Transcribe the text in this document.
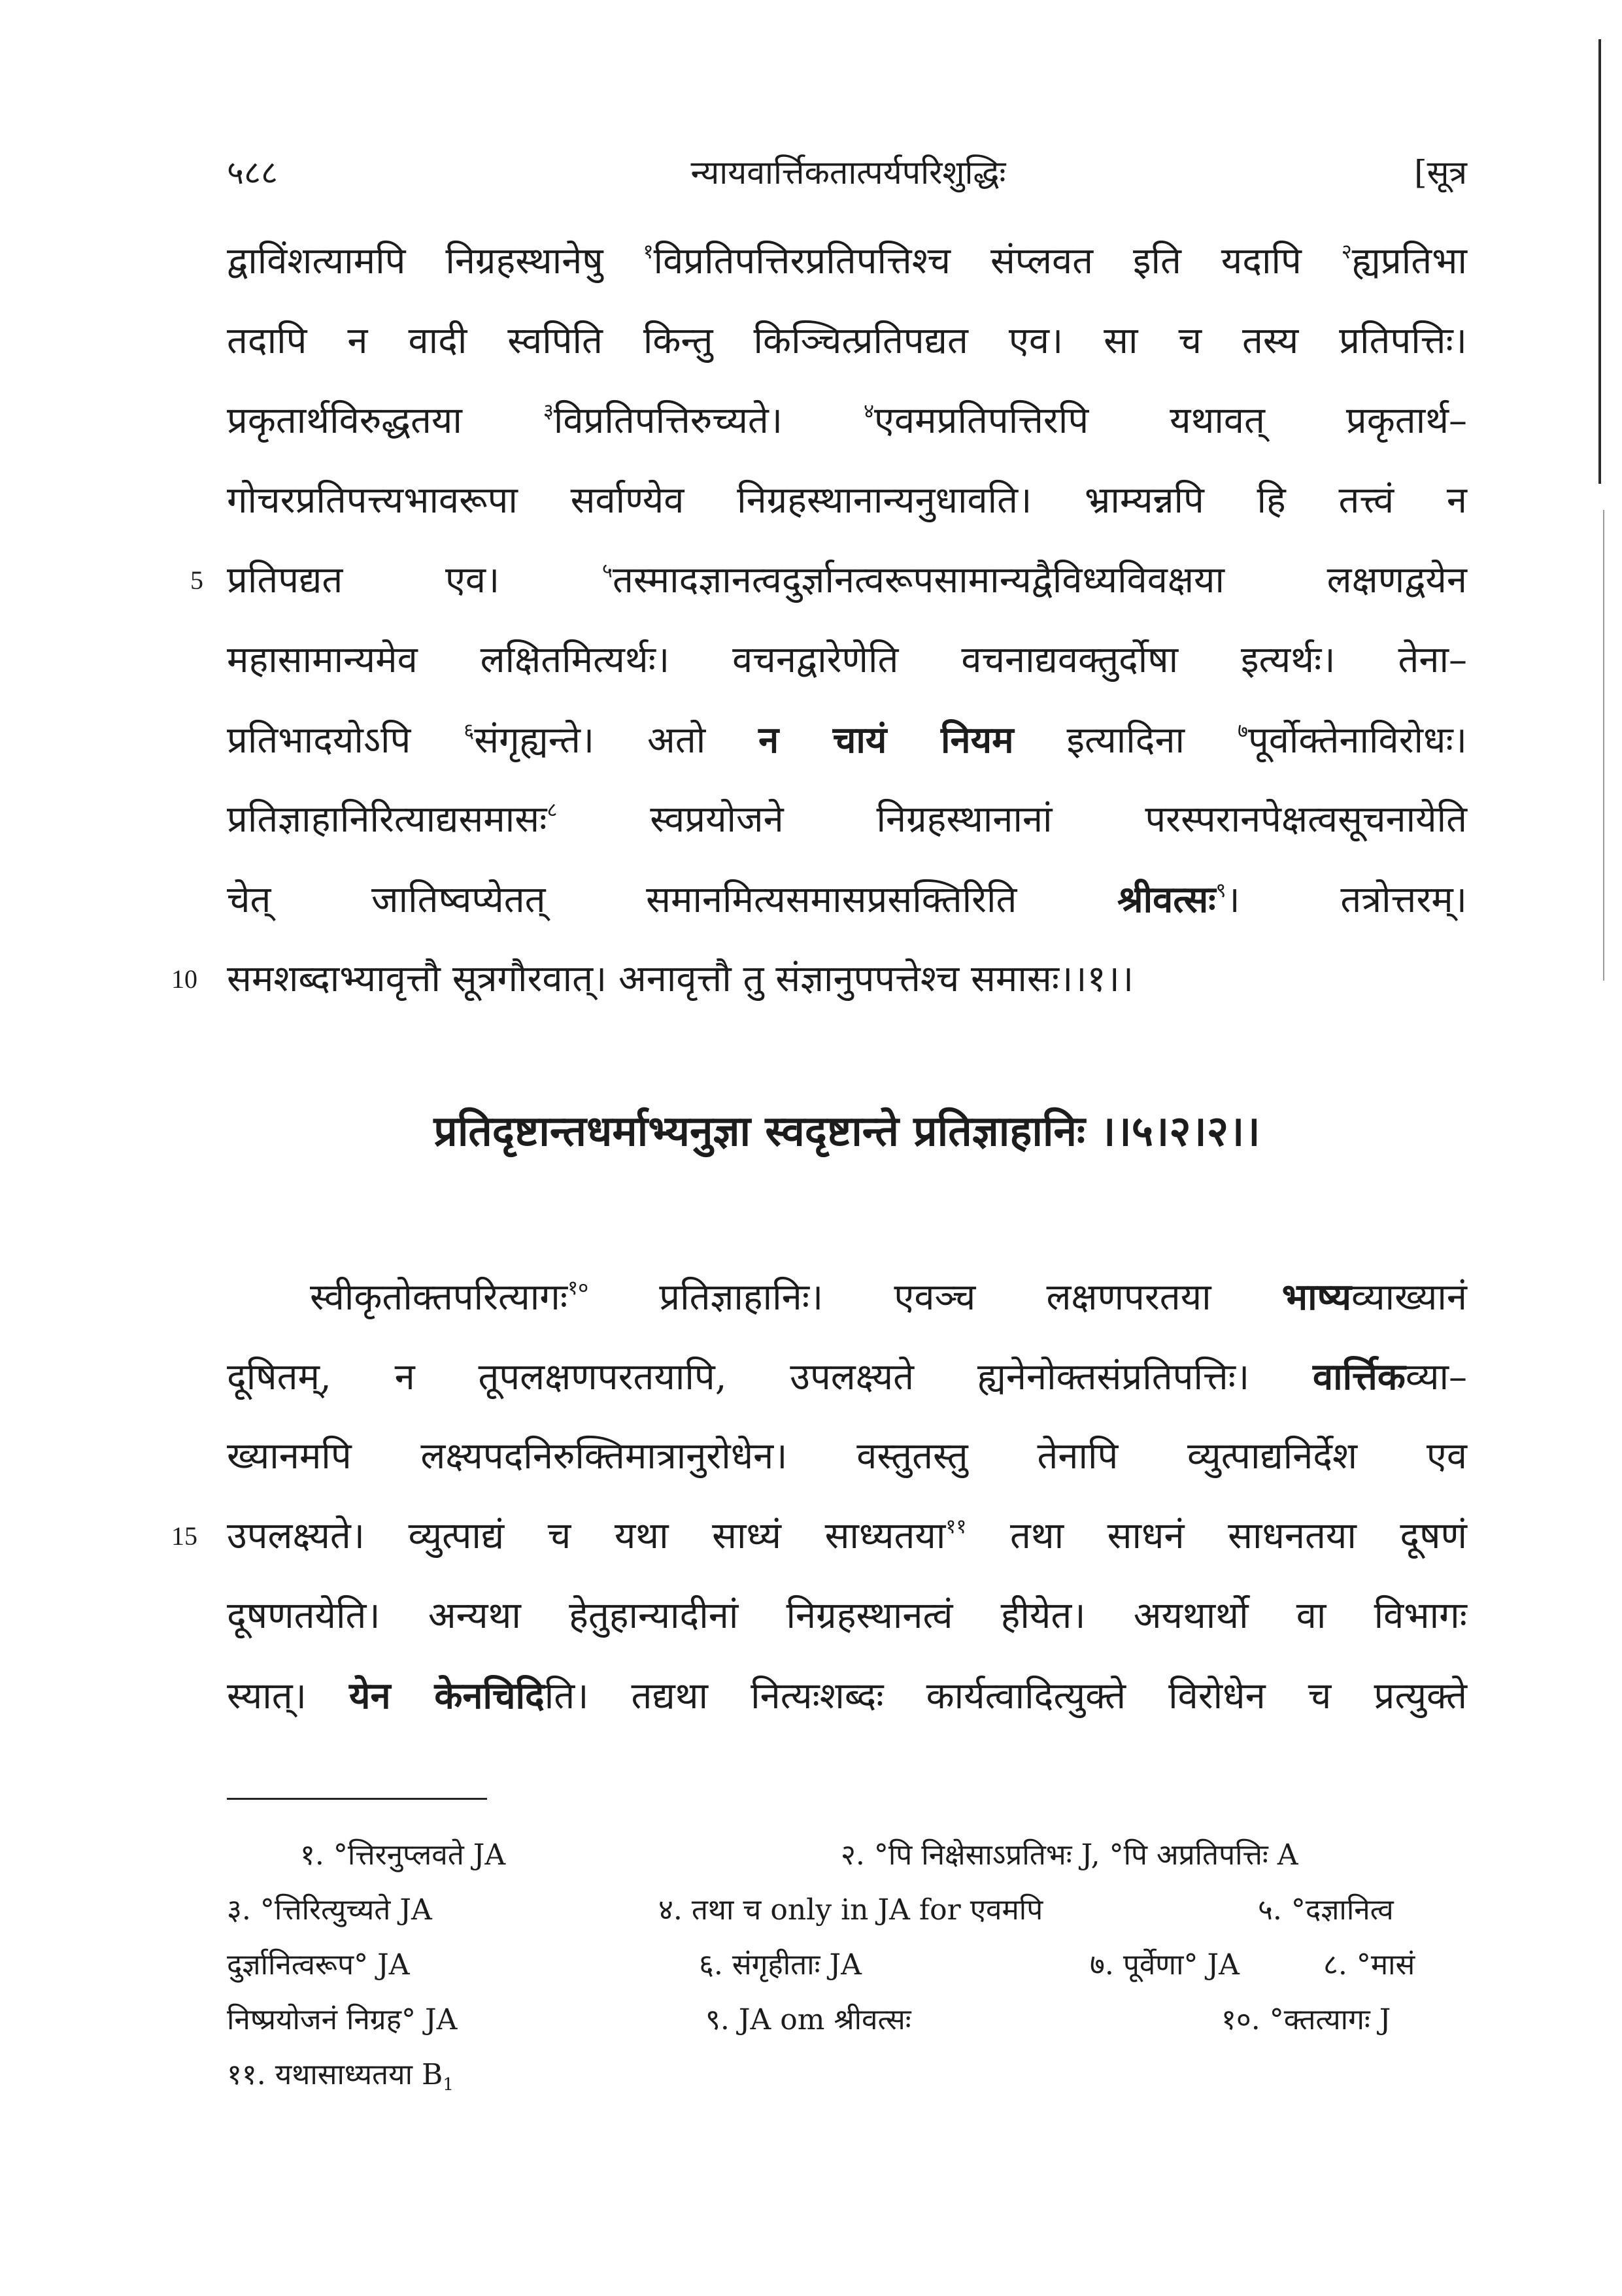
५८८	न्यायवार्त्तिकतात्पर्यपरिशुद्धिः	[सूत्र
द्वाविंशत्यामपि निग्रहस्थानेषु $^१$विप्रतिपत्तिरप्रतिपत्तिश्च संप्लवत इति यदापि $^२$ह्यप्रतिभा
तदापि न वादी स्वपिति किन्तु किञ्चित्प्रतिपद्यत एव। सा च तस्य प्रतिपत्तिः।
प्रकृतार्थविरुद्धतया $^३$विप्रतिपत्तिरुच्यते। $^४$एवमप्रतिपत्तिरपि यथावत् प्रकृतार्थ–
गोचरप्रतिपत्त्यभावरूपा सर्वाण्येव निग्रहस्थानान्यनुधावति। भ्राम्यन्नपि हि तत्त्वं न
5 प्रतिपद्यत एव। $^५$तस्मादज्ञानत्वदुर्ज्ञानत्वरूपसामान्यद्वैविध्यविवक्षया लक्षणद्वयेन
महासामान्यमेव लक्षितमित्यर्थः। वचनद्वारेणेति वचनाद्यवक्तुर्दोषा इत्यर्थः। तेना–
प्रतिभादयोऽपि $^६$संगृह्यन्ते। अतो न चायं नियम इत्यादिना $^७$पूर्वोक्तेनाविरोधः।
प्रतिज्ञाहानिरित्याद्यसमासः$^८$ स्वप्रयोजने निग्रहस्थानानां परस्परानपेक्षत्वसूचनायेति
चेत् जातिष्वप्येतत् समानमित्यसमासप्रसक्तिरिति श्रीवत्सः$^९$। तत्रोत्तरम्।
10 समशब्दाभ्यावृत्तौ सूत्रगौरवात्। अनावृत्तौ तु संज्ञानुपपत्तेश्च समासः।।१।।
प्रतिदृष्टान्तधर्माभ्यनुज्ञा स्वदृष्टान्ते प्रतिज्ञाहानिः ।।५।२।२।।
स्वीकृतोक्तपरित्यागः$^{१०}$ प्रतिज्ञाहानिः। एवञ्च लक्षणपरतया भाष्यव्याख्यानं
दूषितम्, न तूपलक्षणपरतयापि, उपलक्ष्यते ह्यनेनोक्तसंप्रतिपत्तिः। वार्त्तिकव्या–
ख्यानमपि लक्ष्यपदनिरुक्तिमात्रानुरोधेन। वस्तुतस्तु तेनापि व्युत्पाद्यनिर्देश एव
15 उपलक्ष्यते। व्युत्पाद्यं च यथा साध्यं साध्यतया$^{११}$ तथा साधनं साधनतया दूषणं
दूषणतयेति। अन्यथा हेतुहान्यादीनां निग्रहस्थानत्वं हीयेत। अयथार्थो वा विभागः
स्यात्। येन केनचिदिति। तद्यथा नित्यःशब्दः कार्यत्वादित्युक्ते विरोधेन च प्रत्युक्ते
१. °त्तिरनुप्लवते JA	२. °पि निक्षेसाऽप्रतिभः J, °पि अप्रतिपत्तिः A
३. °त्तिरित्युच्यते JA	४. तथा च only in JA for एवमपि	५. °दज्ञानित्व
दुर्ज्ञानित्वरूप° JA	६. संगृहीताः JA	७. पूर्वेणा° JA	८. °मासं
निष्प्रयोजनं निग्रह° JA	९. JA om श्रीवत्सः	१०. °क्तत्यागः J
११. यथासाध्यतया $B_1$
